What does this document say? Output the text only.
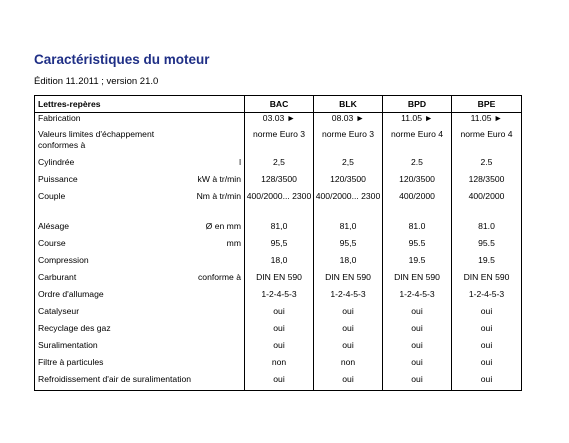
Caractéristiques du moteur
Édition 11.2011 ; version 21.0
Lettres-repères	BAC	BLK	BPD	BPE

Fabrication	03.03 ►	08.03 ►	11.05 ►	11.05 ►

Valeurs limites d'échappement conformes à	norme Euro 3	norme Euro 3	norme Euro 4	norme Euro 4

Cylindrée l	2,5	2,5	2.5	2.5

Puissance kW à tr/min	128/3500	120/3500	120/3500	128/3500

Couple Nm à tr/min	400/2000... 2300	400/2000... 2300	400/2000	400/2000

Alésage Ø en mm	81,0	81,0	81.0	81.0

Course mm	95,5	95,5	95.5	95.5

Compression	18,0	18,0	19.5	19.5

Carburant conforme à	DIN EN 590	DIN EN 590	DIN EN 590	DIN EN 590

Ordre d'allumage	1-2-4-5-3	1-2-4-5-3	1-2-4-5-3	1-2-4-5-3

Catalyseur	oui	oui	oui	oui

Recyclage des gaz	oui	oui	oui	oui

Suralimentation	oui	oui	oui	oui

Filtre à particules	non	non	oui	oui

Refroidissement d'air de suralimentation	oui	oui	oui	oui
